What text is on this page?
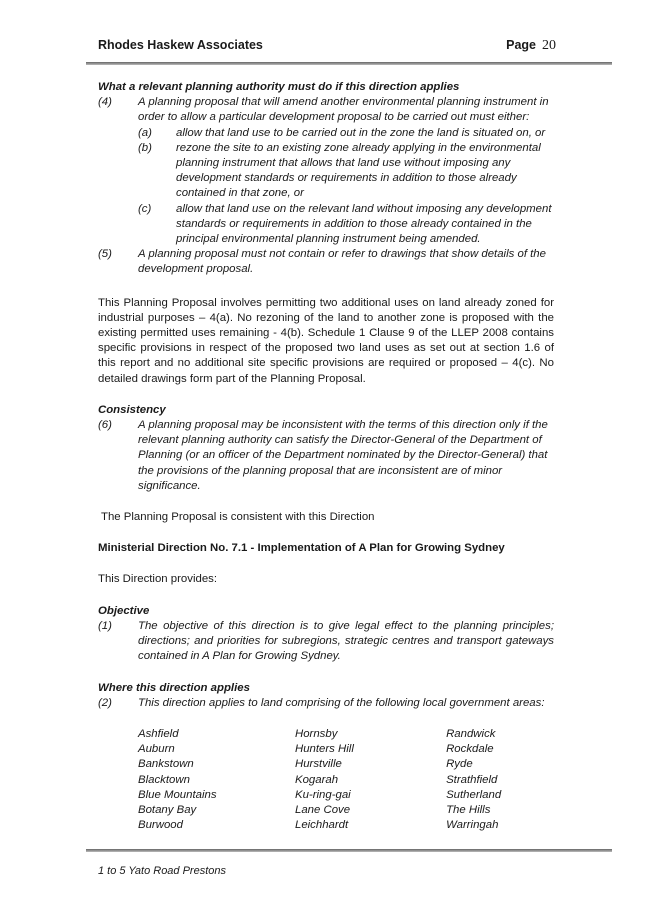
Rhodes Haskew Associates	Page 20
What a relevant planning authority must do if this direction applies
(4) A planning proposal that will amend another environmental planning instrument in order to allow a particular development proposal to be carried out must either:
(a) allow that land use to be carried out in the zone the land is situated on, or
(b) rezone the site to an existing zone already applying in the environmental planning instrument that allows that land use without imposing any development standards or requirements in addition to those already contained in that zone, or
(c) allow that land use on the relevant land without imposing any development standards or requirements in addition to those already contained in the principal environmental planning instrument being amended.
(5) A planning proposal must not contain or refer to drawings that show details of the development proposal.
This Planning Proposal involves permitting two additional uses on land already zoned for industrial purposes – 4(a). No rezoning of the land to another zone is proposed with the existing permitted uses remaining - 4(b). Schedule 1 Clause 9 of the LLEP 2008 contains specific provisions in respect of the proposed two land uses as set out at section 1.6 of this report and no additional site specific provisions are required or proposed – 4(c). No detailed drawings form part of the Planning Proposal.
Consistency
(6) A planning proposal may be inconsistent with the terms of this direction only if the relevant planning authority can satisfy the Director-General of the Department of Planning (or an officer of the Department nominated by the Director-General) that the provisions of the planning proposal that are inconsistent are of minor significance.
The Planning Proposal is consistent with this Direction
Ministerial Direction No. 7.1 - Implementation of A Plan for Growing Sydney
This Direction provides:
Objective
(1) The objective of this direction is to give legal effect to the planning principles; directions; and priorities for subregions, strategic centres and transport gateways contained in A Plan for Growing Sydney.
Where this direction applies
(2) This direction applies to land comprising of the following local government areas:
Ashfield
Auburn
Bankstown
Blacktown
Blue Mountains
Botany Bay
Burwood
Hornsby
Hunters Hill
Hurstville
Kogarah
Ku-ring-gai
Lane Cove
Leichhardt
Randwick
Rockdale
Ryde
Strathfield
Sutherland
The Hills
Warringah
1 to 5 Yato Road Prestons
